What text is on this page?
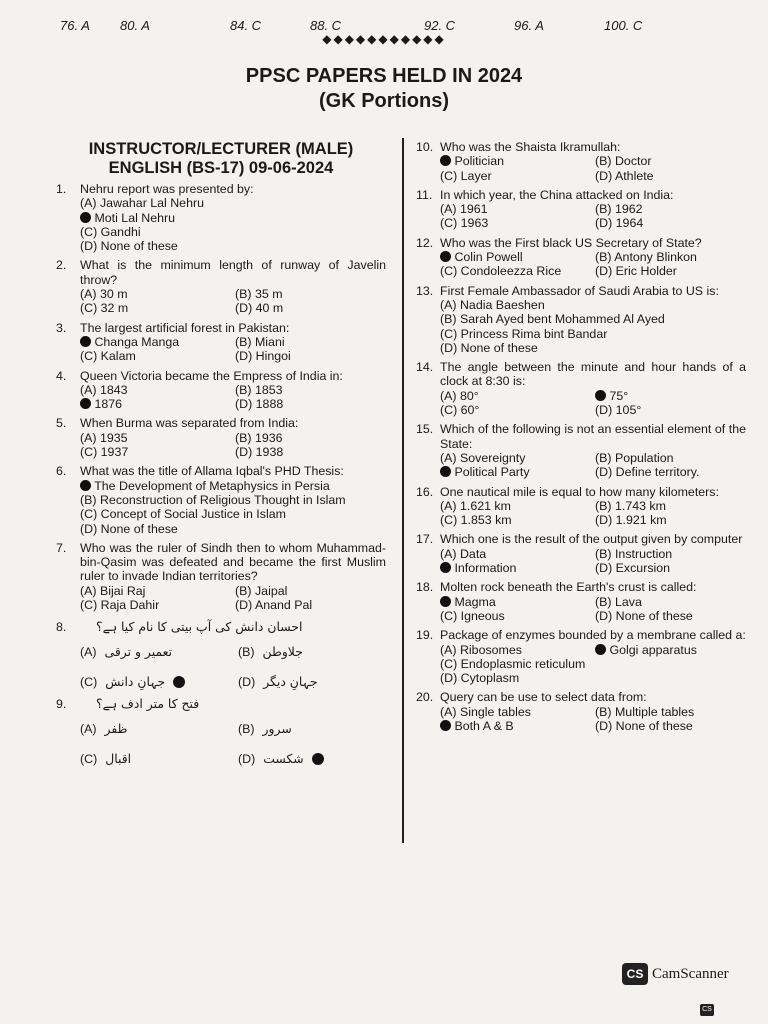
76. A 80. A	84. C	88. C	92. C	96. A	100. C
◆◆◆◆◆◆◆◆◆◆◆
PPSC PAPERS HELD IN 2024
(GK Portions)
INSTRUCTOR/LECTURER (MALE)
ENGLISH (BS-17) 09-06-2024
1.	Nehru report was presented by:
(A) Jawahar Lal Nehru
Moti Lal Nehru
(C) Gandhi
(D) None of these
2.	What is the minimum length of runway of Javelin throw?
(A) 30 m	(B) 35 m
(C) 32 m	(D) 40 m
3.	The largest artificial forest in Pakistan:
Changa Manga	(B) Miani
(C) Kalam	(D) Hingoi
4.	Queen Victoria became the Empress of India in:
(A) 1843	(B) 1853
1876	(D) 1888
5.	When Burma was separated from India:
(A) 1935	(B) 1936
(C) 1937	(D) 1938
6.	What was the title of Allama Iqbal's PHD Thesis:
The Development of Metaphysics in Persia
(B) Reconstruction of Religious Thought in Islam
(C) Concept of Social Justice in Islam
(D) None of these
7.	Who was the ruler of Sindh then to whom Muhammad-bin-Qasim was defeated and became the first Muslim ruler to invade Indian territories?
(A) Bijai Raj	(B) Jaipal
(C) Raja Dahir	(D) Anand Pal
8.	احسان دانش کی آپ بیتی کا نام کیا ہے؟
(A) تعمیر و ترقی	(B) جلاوطن
(C) جہانِ دانش	(D) جہانِ دیگر
9.	فتح کا متر ادف ہے؟
(A) ظفر	(B) سرور
(C) اقبال	(D) شکست
10. Who was the Shaista Ikramullah:
Politician	(B) Doctor
(C) Layer	(D) Athlete
11. In which year, the China attacked on India:
(A) 1961	(B) 1962
(C) 1963	(D) 1964
12. Who was the First black US Secretary of State?
Colin Powell	(B) Antony Blinkon
(C) Condoleezza Rice	(D) Eric Holder
13. First Female Ambassador of Saudi Arabia to US is:
(A) Nadia Baeshen
(B) Sarah Ayed bent Mohammed Al Ayed
(C) Princess Rima bint Bandar
(D) None of these
14. The angle between the minute and hour hands of a clock at 8:30 is:
(A) 80°	75°
(C) 60°	(D) 105°
15. Which of the following is not an essential element of the State:
(A) Sovereignty	(B) Population
Political Party	(D) Define territory.
16. One nautical mile is equal to how many kilometers:
(A) 1.621 km	(B) 1.743 km
(C) 1.853 km	(D) 1.921 km
17. Which one is the result of the output given by computer
(A) Data	(B) Instruction
Information	(D) Excursion
18. Molten rock beneath the Earth's crust is called:
Magma	(B) Lava
(C) Igneous	(D) None of these
19. Package of enzymes bounded by a membrane called a:
(A) Ribosomes	Golgi apparatus
(C) Endoplasmic reticulum
(D) Cytoplasm
20. Query can be use to select data from:
(A) Single tables	(B) Multiple tables
Both A & B	(D) None of these
CS CamScanner
CS
